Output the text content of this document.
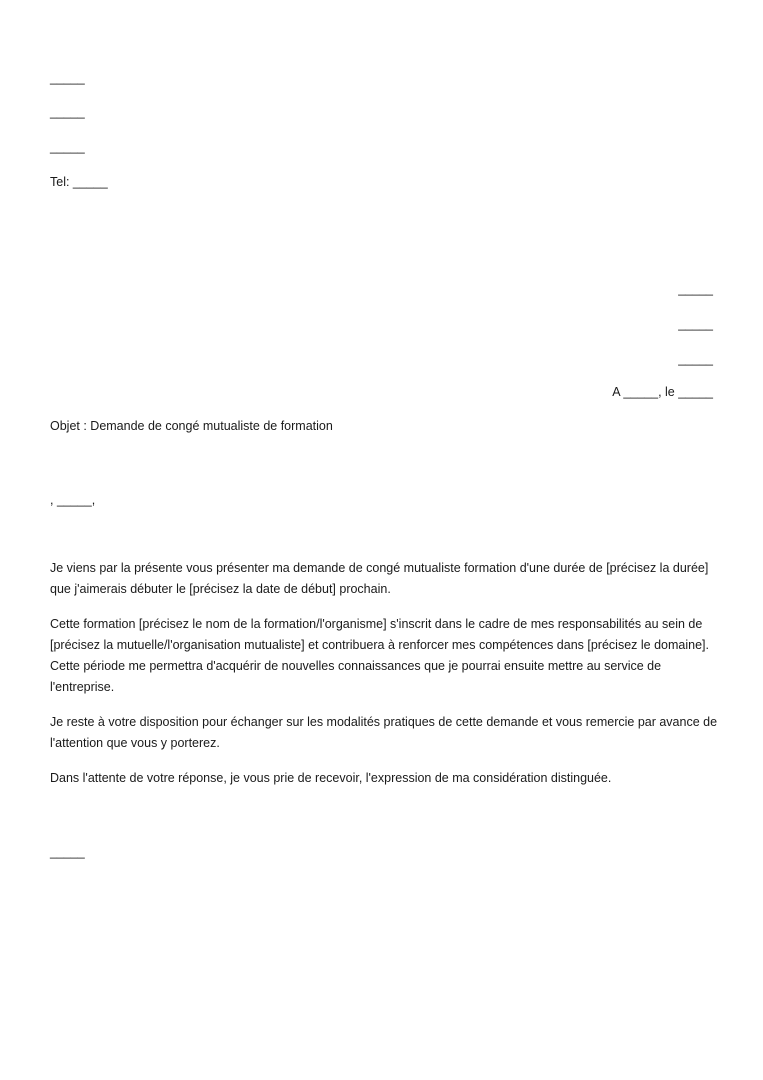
_____
_____
_____
Tel: _____
_____
_____
_____
A _____, le _____
Objet : Demande de congé mutualiste de formation
, _____,

Je viens par la présente vous présenter ma demande de congé mutualiste formation d'une durée de [précisez la durée] que j'aimerais débuter le [précisez la date de début] prochain.

Cette formation [précisez le nom de la formation/l'organisme] s'inscrit dans le cadre de mes responsabilités au sein de [précisez la mutuelle/l'organisation mutualiste] et contribuera à renforcer mes compétences dans [précisez le domaine]. Cette période me permettra d'acquérir de nouvelles connaissances que je pourrai ensuite mettre au service de l'entreprise.

Je reste à votre disposition pour échanger sur les modalités pratiques de cette demande et vous remercie par avance de l'attention que vous y porterez.

Dans l'attente de votre réponse, je vous prie de recevoir, l'expression de ma considération distinguée.

_____
